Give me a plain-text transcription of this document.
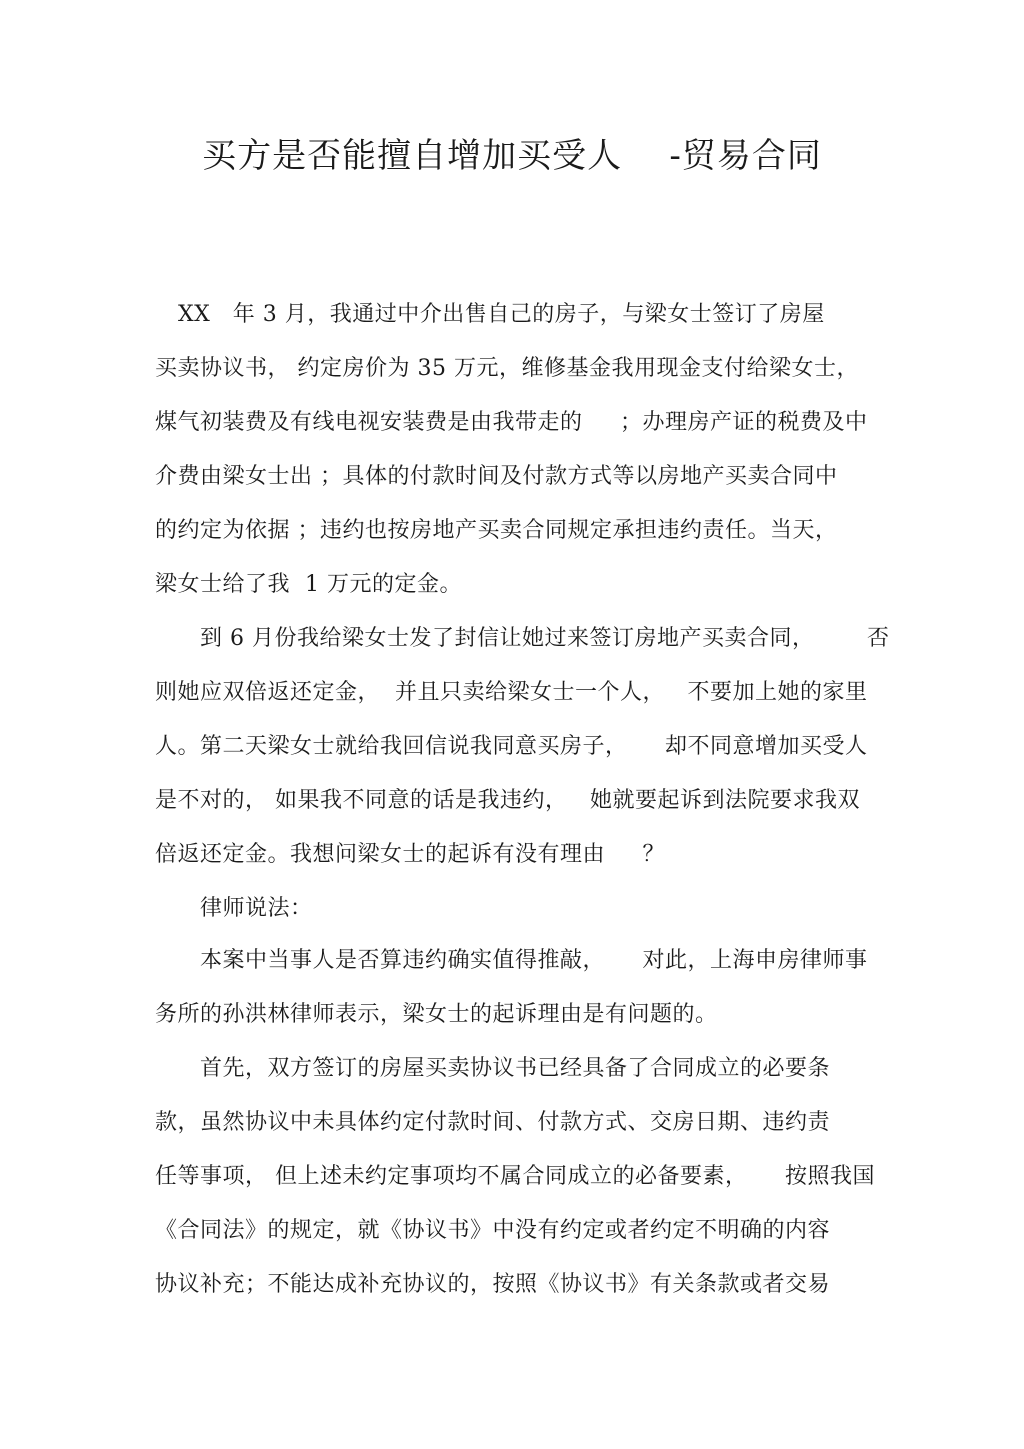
买方是否能擅自增加买受人    -贸易合同

XX   年 3 月，我通过中介出售自己的房子，与梁女士签订了房屋

买卖协议书， 约定房价为 35 万元，维修基金我用现金支付给梁女士，

煤气初装费及有线电视安装费是由我带走的     ；办理房产证的税费及中

介费由梁女士出 ；具体的付款时间及付款方式等以房地产买卖合同中

的约定为依据 ；违约也按房地产买卖合同规定承担违约责任。当天，

梁女士给了我  1 万元的定金。

到 6 月份我给梁女士发了封信让她过来签订房地产买卖合同，       否

则她应双倍返还定金，  并且只卖给梁女士一个人，   不要加上她的家里

人。第二天梁女士就给我回信说我同意买房子，     却不同意增加买受人

是不对的， 如果我不同意的话是我违约，   她就要起诉到法院要求我双

倍返还定金。我想问梁女士的起诉有没有理由     ？

律师说法：

本案中当事人是否算违约确实值得推敲，     对此，上海申房律师事

务所的孙洪林律师表示，梁女士的起诉理由是有问题的。

首先，双方签订的房屋买卖协议书已经具备了合同成立的必要条

款，虽然协议中未具体约定付款时间、付款方式、交房日期、违约责

任等事项， 但上述未约定事项均不属合同成立的必备要素，     按照我国

《合同法》的规定，就《协议书》中没有约定或者约定不明确的内容

协议补充；不能达成补充协议的，按照《协议书》有关条款或者交易
